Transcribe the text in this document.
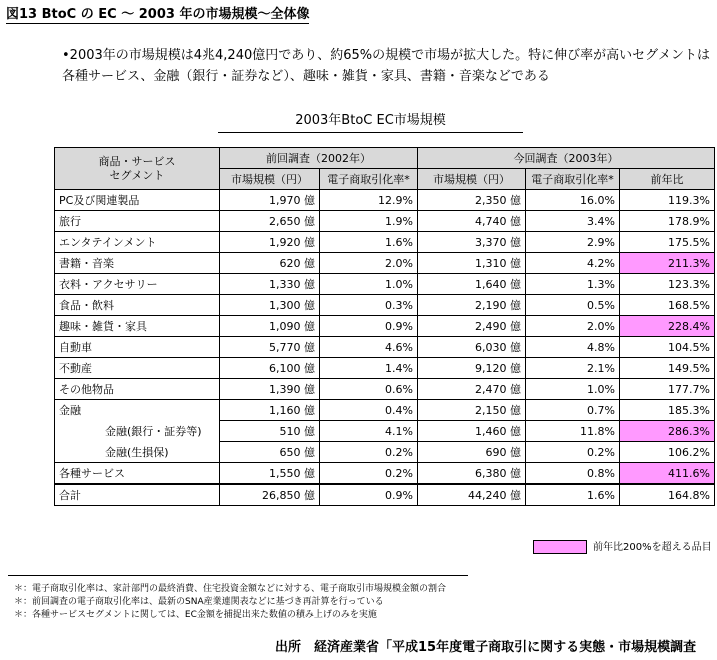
図13 BtoC の EC 〜 2003 年の市場規模〜全体像
•2003年の市場規模は4兆4,240億円であり、約65%の規模で市場が拡大した。特に伸び率が高いセグメントは各種サービス、金融（銀行・証券など）、趣味・雑貨・家具、書籍・音楽などである
2003年BtoC EC市場規模
商品・サービス
セグメント	前回調査（2002年）		今回調査（2003年）		
	市場規模（円）	電子商取引化率*	市場規模（円）	電子商取引化率*	前年比
PC及び関連製品	1,970 億	12.9%	2,350 億	16.0%	119.3%
旅行	2,650 億	1.9%	4,740 億	3.4%	178.9%
エンタテインメント	1,920 億	1.6%	3,370 億	2.9%	175.5%
書籍・音楽	620 億	2.0%	1,310 億	4.2%	211.3%
衣料・アクセサリー	1,330 億	1.0%	1,640 億	1.3%	123.3%
食品・飲料	1,300 億	0.3%	2,190 億	0.5%	168.5%
趣味・雑貨・家具	1,090 億	0.9%	2,490 億	2.0%	228.4%
自動車	5,770 億	4.6%	6,030 億	4.8%	104.5%
不動産	6,100 億	1.4%	9,120 億	2.1%	149.5%
その他物品	1,390 億	0.6%	2,470 億	1.0%	177.7%
金融	1,160 億	0.4%	2,150 億	0.7%	185.3%
金融(銀行・証券等)	510 億	4.1%	1,460 億	11.8%	286.3%
金融(生損保)	650 億	0.2%	690 億	0.2%	106.2%
各種サービス	1,550 億	0.2%	6,380 億	0.8%	411.6%
合計	26,850 億	0.9%	44,240 億	1.6%	164.8%
前年比200%を超える品目
＊：電子商取引化率は、家計部門の最終消費、住宅投資金額などに対する、電子商取引市場規模金額の割合
＊：前回調査の電子商取引化率は、最新のSNA産業連関表などに基づき再計算を行っている
＊：各種サービスセグメントに関しては、EC金額を捕捉出来た数値の積み上げのみを実施
出所　経済産業省「平成15年度電子商取引に関する実態・市場規模調査
